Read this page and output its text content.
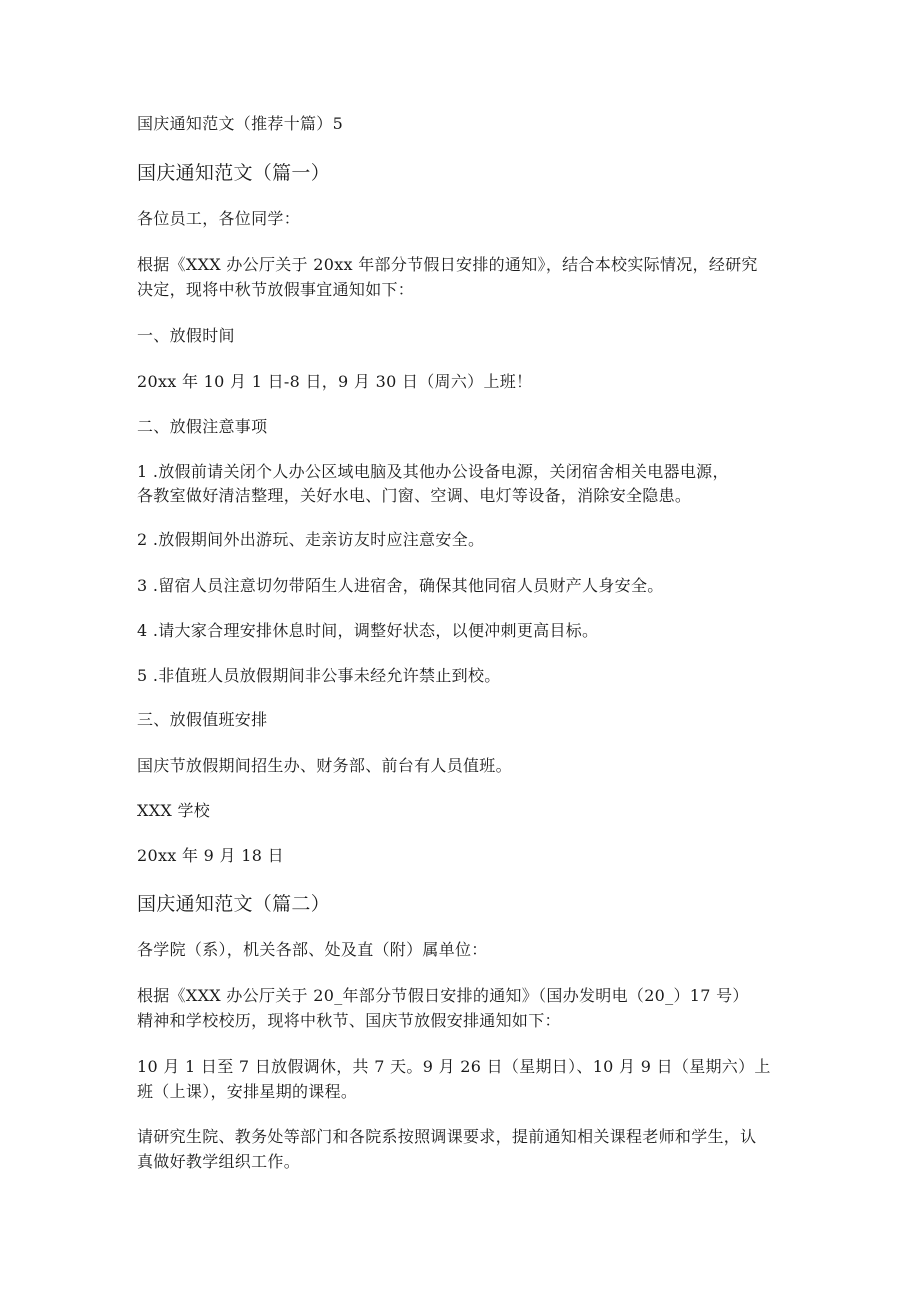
国庆通知范文（推荐十篇）5

国庆通知范文（篇一）

各位员工，各位同学：

根据《XXX 办公厅关于 20xx 年部分节假日安排的通知》，结合本校实际情况，经研究

决定，现将中秋节放假事宜通知如下：

一、放假时间

20xx 年 10 月 1 日-8 日，9 月 30 日（周六）上班！

二、放假注意事项

1 .放假前请关闭个人办公区域电脑及其他办公设备电源，关闭宿舍相关电器电源，

各教室做好清洁整理，关好水电、门窗、空调、电灯等设备，消除安全隐患。

2 .放假期间外出游玩、走亲访友时应注意安全。

3 .留宿人员注意切勿带陌生人进宿舍，确保其他同宿人员财产人身安全。

4 .请大家合理安排休息时间，调整好状态，以便冲刺更高目标。

5 .非值班人员放假期间非公事未经允许禁止到校。

三、放假值班安排

国庆节放假期间招生办、财务部、前台有人员值班。

XXX 学校

20xx 年 9 月 18 日

国庆通知范文（篇二）

各学院（系），机关各部、处及直（附）属单位：

根据《XXX 办公厅关于 20_年部分节假日安排的通知》（国办发明电（20_）17 号）

精神和学校校历，现将中秋节、国庆节放假安排通知如下：

10 月 1 日至 7 日放假调休，共 7 天。9 月 26 日（星期日）、10 月 9 日（星期六）上

班（上课），安排星期的课程。

请研究生院、教务处等部门和各院系按照调课要求，提前通知相关课程老师和学生，认

真做好教学组织工作。
